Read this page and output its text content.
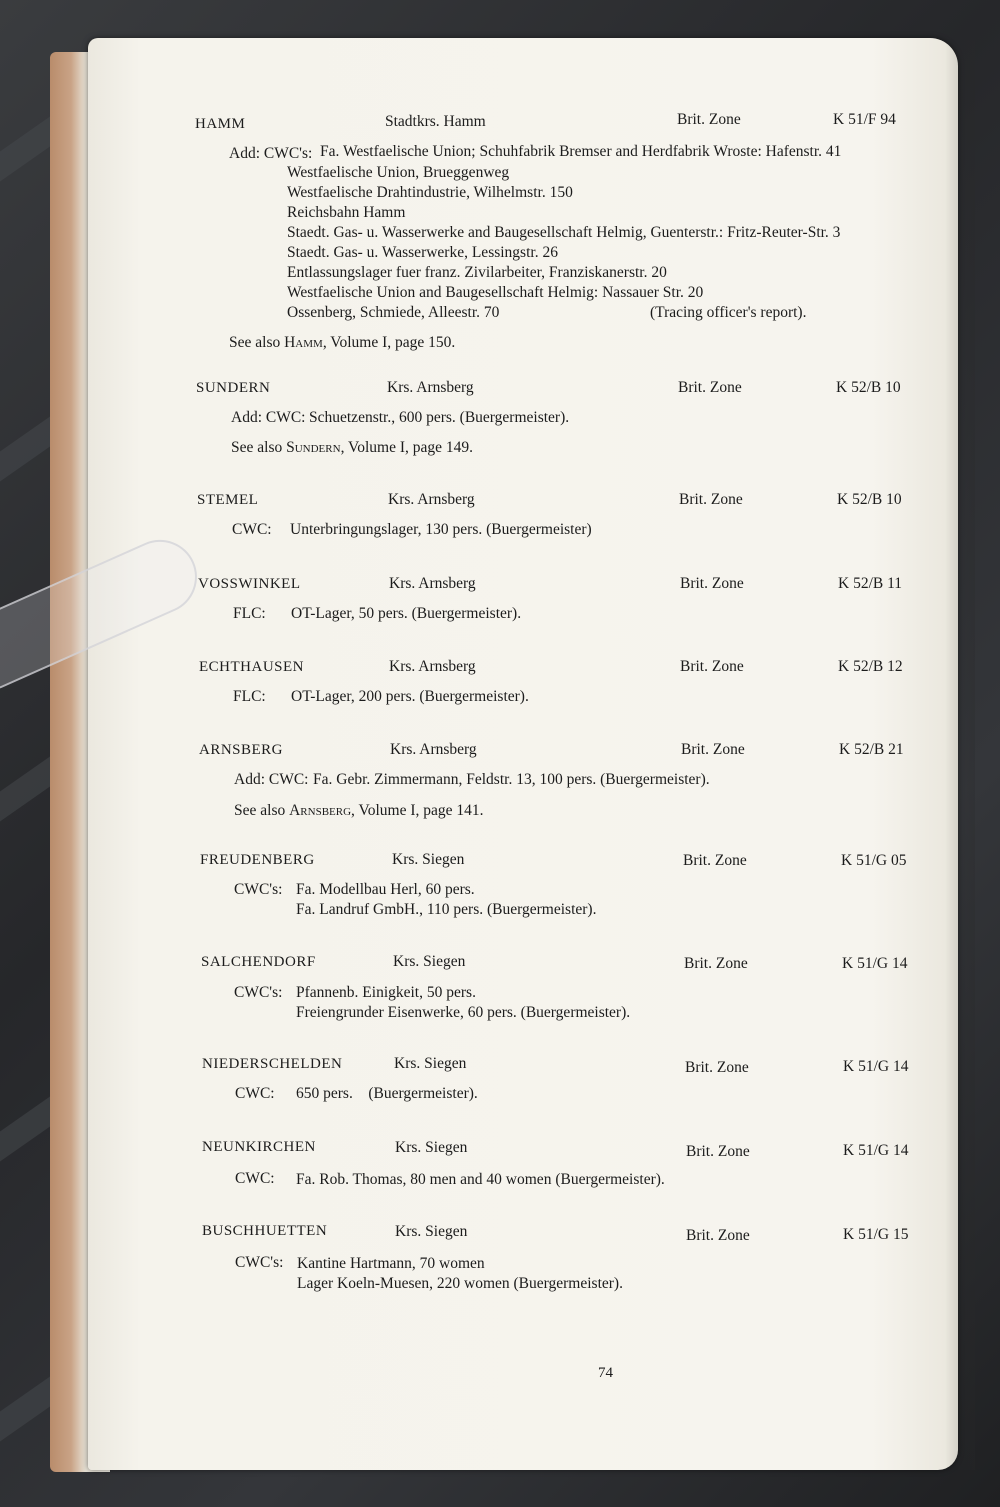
HAMM	Stadtkrs. Hamm	Brit. Zone	K 51/F 94
Add: CWC's: Fa. Westfaelische Union; Schuhfabrik Bremser and Herdfabrik Wroste: Hafenstr. 41
Westfaelische Union, Brueggenweg
Westfaelische Drahtindustrie, Wilhelmstr. 150
Reichsbahn Hamm
Staedt. Gas- u. Wasserwerke and Baugesellschaft Helmig, Guenterstr.: Fritz-Reuter-Str. 3
Staedt. Gas- u. Wasserwerke, Lessingstr. 26
Entlassungslager fuer franz. Zivilarbeiter, Franziskanerstr. 20
Westfaelische Union and Baugesellschaft Helmig: Nassauer Str. 20
Ossenberg, Schmiede, Alleestr. 70	(Tracing officer's report).
See also Hamm, Volume I, page 150.
SUNDERN	Krs. Arnsberg	Brit. Zone	K 52/B 10
Add: CWC: Schuetzenstr., 600 pers. (Buergermeister).
See also Sundern, Volume I, page 149.
STEMEL	Krs. Arnsberg	Brit. Zone	K 52/B 10
CWC: Unterbringungslager, 130 pers. (Buergermeister)
VOSSWINKEL	Krs. Arnsberg	Brit. Zone	K 52/B 11
FLC: OT-Lager, 50 pers. (Buergermeister).
ECHTHAUSEN	Krs. Arnsberg	Brit. Zone	K 52/B 12
FLC: OT-Lager, 200 pers. (Buergermeister).
ARNSBERG	Krs. Arnsberg	Brit. Zone	K 52/B 21
Add: CWC: Fa. Gebr. Zimmermann, Feldstr. 13, 100 pers. (Buergermeister).
See also Arnsberg, Volume I, page 141.
FREUDENBERG	Krs. Siegen	Brit. Zone	K 51/G 05
CWC's: Fa. Modellbau Herl, 60 pers.
Fa. Landruf GmbH., 110 pers. (Buergermeister).
SALCHENDORF	Krs. Siegen	Brit. Zone	K 51/G 14
CWC's: Pfannenb. Einigkeit, 50 pers.
Freiengrunder Eisenwerke, 60 pers. (Buergermeister).
NIEDERSCHELDEN	Krs. Siegen	Brit. Zone	K 51/G 14
CWC: 650 pers.    (Buergermeister).
NEUNKIRCHEN	Krs. Siegen	Brit. Zone	K 51/G 14
CWC: Fa. Rob. Thomas, 80 men and 40 women (Buergermeister).
BUSCHHUETTEN	Krs. Siegen	Brit. Zone	K 51/G 15
CWC's: Kantine Hartmann, 70 women
Lager Koeln-Muesen, 220 women (Buergermeister).
74
